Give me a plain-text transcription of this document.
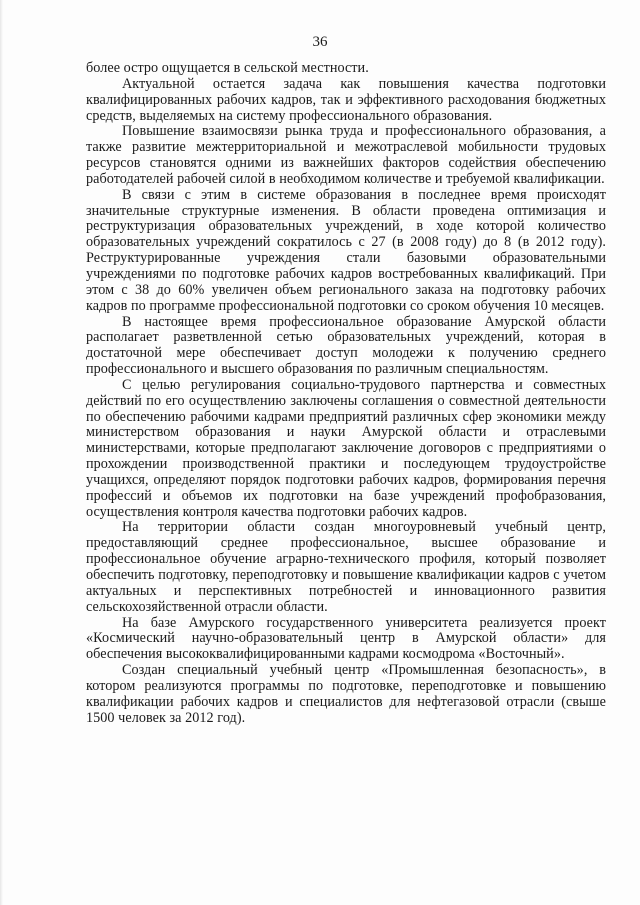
36

более остро ощущается в сельской местности.

Актуальной остается задача как повышения качества подготовки квалифицированных рабочих кадров, так и эффективного расходования бюджетных средств, выделяемых на систему профессионального образования.

Повышение взаимосвязи рынка труда и профессионального образования, а также развитие межтерриториальной и межотраслевой мобильности трудовых ресурсов становятся одними из важнейших факторов содействия обеспечению работодателей рабочей силой в необходимом количестве и требуемой квалификации.

В связи с этим в системе образования в последнее время происходят значительные структурные изменения. В области проведена оптимизация и реструктуризация образовательных учреждений, в ходе которой количество образовательных учреждений сократилось с 27 (в 2008 году) до 8 (в 2012 году). Реструктурированные учреждения стали базовыми образовательными учреждениями по подготовке рабочих кадров востребованных квалификаций. При этом с 38 до 60% увеличен объем регионального заказа на подготовку рабочих кадров по программе профессиональной подготовки со сроком обучения 10 месяцев.

В настоящее время профессиональное образование Амурской области располагает разветвленной сетью образовательных учреждений, которая в достаточной мере обеспечивает доступ молодежи к получению среднего профессионального и высшего образования по различным специальностям.

С целью регулирования социально-трудового партнерства и совместных действий по его осуществлению заключены соглашения о совместной деятельности по обеспечению рабочими кадрами предприятий различных сфер экономики между министерством образования и науки Амурской области и отраслевыми министерствами, которые предполагают заключение договоров с предприятиями о прохождении производственной практики и последующем трудоустройстве учащихся, определяют порядок подготовки рабочих кадров, формирования перечня профессий и объемов их подготовки на базе учреждений профобразования, осуществления контроля качества подготовки рабочих кадров.

На территории области создан многоуровневый учебный центр, предоставляющий среднее профессиональное, высшее образование и профессиональное обучение аграрно-технического профиля, который позволяет обеспечить подготовку, переподготовку и повышение квалификации кадров с учетом актуальных и перспективных потребностей и инновационного развития сельскохозяйственной отрасли области.

На базе Амурского государственного университета реализуется проект «Космический научно-образовательный центр в Амурской области» для обеспечения высококвалифицированными кадрами космодрома «Восточный».

Создан специальный учебный центр «Промышленная безопасность», в котором реализуются программы по подготовке, переподготовке и повышению квалификации рабочих кадров и специалистов для нефтегазовой отрасли (свыше 1500 человек за 2012 год).
